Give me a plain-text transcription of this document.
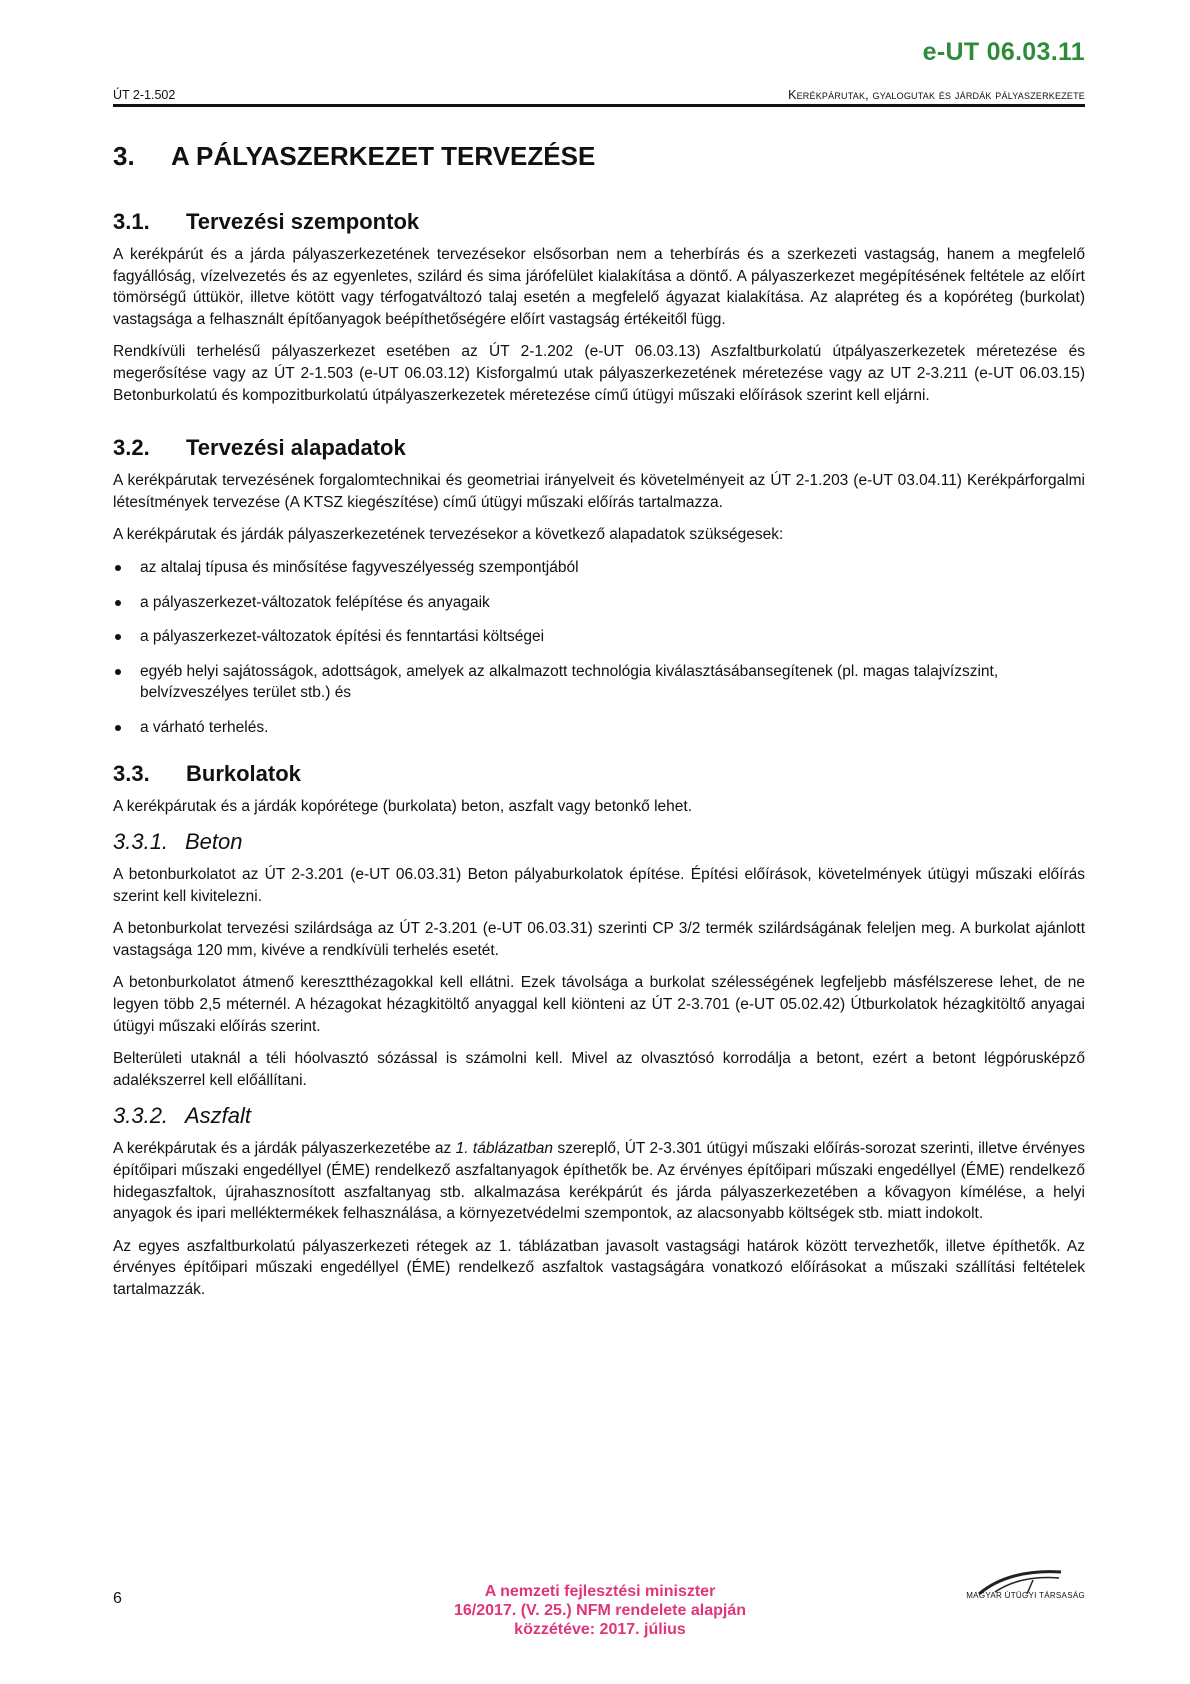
e-UT 06.03.11
ÚT 2-1.502	Kerékpárutak, gyalogutak és járdák pályaszerkezete
3.	A PÁLYASZERKEZET TERVEZÉSE
3.1.	Tervezési szempontok

A kerékpárút és a járda pályaszerkezetének tervezésekor elsősorban nem a teherbírás és a szerkezeti vastagság, hanem a megfelelő fagyállóság, vízelvezetés és az egyenletes, szilárd és sima járófelület kialakítása a döntő. A pályaszerkezet megépítésének feltétele az előírt tömörségű úttükör, illetve kötött vagy térfogatváltozó talaj esetén a megfelelő ágyazat kialakítása. Az alapréteg és a kopóréteg (burkolat) vastagsága a felhasznált építőanyagok beépíthetőségére előírt vastagság értékeitől függ.

Rendkívüli terhelésű pályaszerkezet esetében az ÚT 2-1.202 (e-UT 06.03.13) Aszfaltburkolatú útpályaszerkezetek méretezése és megerősítése vagy az ÚT 2-1.503 (e-UT 06.03.12) Kisforgalmú utak pályaszerkezetének méretezése vagy az UT 2-3.211 (e-UT 06.03.15) Betonburkolatú és kompozitburkolatú útpályaszerkezetek méretezése című útügyi műszaki előírások szerint kell eljárni.

3.2.	Tervezési alapadatok

A kerékpárutak tervezésének forgalomtechnikai és geometriai irányelveit és követelményeit az ÚT 2-1.203 (e-UT 03.04.11) Kerékpárforgalmi létesítmények tervezése (A KTSZ kiegészítése) című útügyi műszaki előírás tartalmazza.

A kerékpárutak és járdák pályaszerkezetének tervezésekor a következő alapadatok szükségesek:

az altalaj típusa és minősítése fagyveszélyesség szempontjából
a pályaszerkezet-változatok felépítése és anyagaik
a pályaszerkezet-változatok építési és fenntartási költségei
egyéb helyi sajátosságok, adottságok, amelyek az alkalmazott technológia kiválasztásábansegítenek (pl. magas talajvízszint, belvízveszélyes terület stb.) és
a várható terhelés.
3.3.	Burkolatok

A kerékpárutak és a járdák kopórétege (burkolata) beton, aszfalt vagy betonkő lehet.

3.3.1. Beton

A betonburkolatot az ÚT 2-3.201 (e-UT 06.03.31) Beton pályaburkolatok építése. Építési előírások, követelmények útügyi műszaki előírás szerint kell kivitelezni.

A betonburkolat tervezési szilárdsága az ÚT 2-3.201 (e-UT 06.03.31) szerinti CP 3/2 termék szilárdságának feleljen meg. A burkolat ajánlott vastagsága 120 mm, kivéve a rendkívüli terhelés esetét.

A betonburkolatot átmenő keresztthézagokkal kell ellátni. Ezek távolsága a burkolat szélességének legfeljebb másfélszerese lehet, de ne legyen több 2,5 méternél. A hézagokat hézagkitöltő anyaggal kell kiönteni az ÚT 2-3.701 (e-UT 05.02.42) Útburkolatok hézagkitöltő anyagai útügyi műszaki előírás szerint.

Belterületi utaknál a téli hóolvasztó sózással is számolni kell. Mivel az olvasztósó korrodálja a betont, ezért a betont légpórusképző adalékszerrel kell előállítani.

3.3.2. Aszfalt

A kerékpárutak és a járdák pályaszerkezetébe az 1. táblázatban szereplő, ÚT 2-3.301 útügyi műszaki előírás-sorozat szerinti, illetve érvényes építőipari műszaki engedéllyel (ÉME) rendelkező aszfaltanyagok építhetők be. Az érvényes építőipari műszaki engedéllyel (ÉME) rendelkező hidegaszfaltok, újrahasznosított aszfaltanyag stb. alkalmazása kerékpárút és járda pályaszerkezetében a kővagyon kímélése, a helyi anyagok és ipari melléktermékek felhasználása, a környezetvédelmi szempontok, az alacsonyabb költségek stb. miatt indokolt.

Az egyes aszfaltburkolatú pályaszerkezeti rétegek az 1. táblázatban javasolt vastagsági határok között tervezhetők, illetve építhetők. Az érvényes építőipari műszaki engedéllyel (ÉME) rendelkező aszfaltok vastagságára vonatkozó előírásokat a műszaki szállítási feltételek tartalmazzák.

6	A nemzeti fejlesztési miniszter
16/2017. (V. 25.) NFM rendelete alapján
közzétéve: 2017. július
MAGYAR ÚTÜGYI TÁRSASÁG
